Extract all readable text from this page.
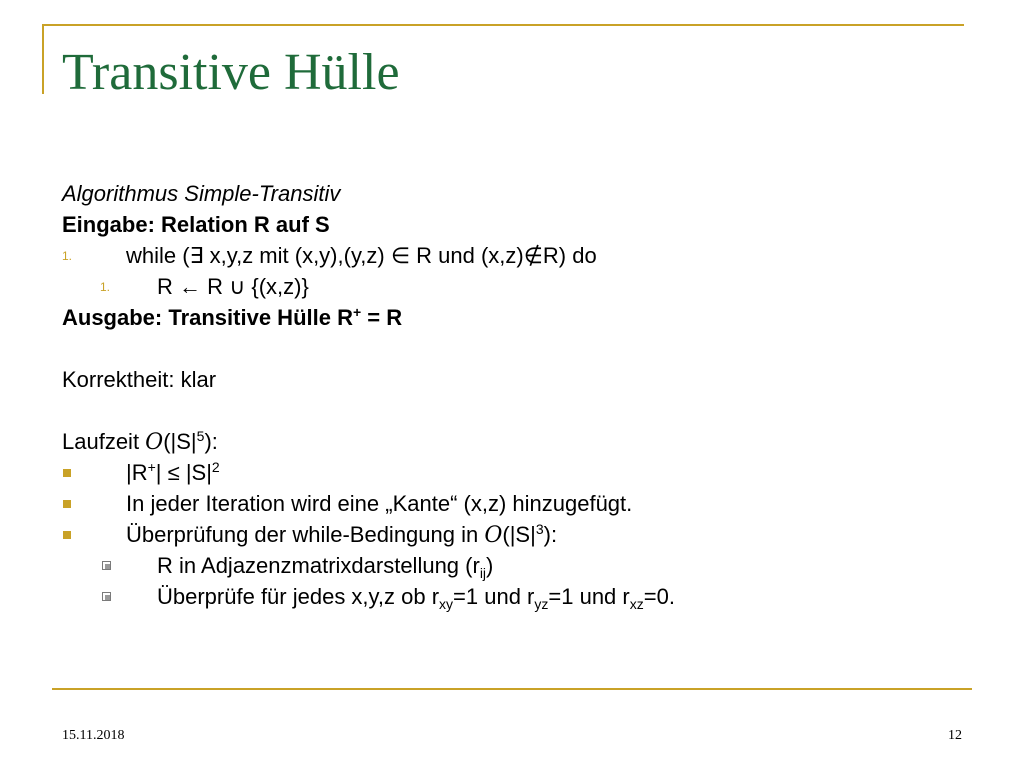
Transitive Hülle
Algorithmus Simple-Transitiv
Eingabe: Relation R auf S
1. while (∃ x,y,z mit (x,y),(y,z) ∈ R und (x,z)∉R) do
1. R ← R ∪ {(x,z)}
Ausgabe: Transitive Hülle R+ = R
Korrektheit: klar
Laufzeit $O(|S|^5)$:
$|R^+| \le |S|^2$
In jeder Iteration wird eine „Kante“ (x,z) hinzugefügt.
Überprüfung der while-Bedingung in $O(|S|^3)$:
R in Adjazenzmatrixdarstellung $(r_{ij})$
Überprüfe für jedes x,y,z ob $r_{xy}=1$ und $r_{yz}=1$ und $r_{xz}=0$.
15.11.2018	12
